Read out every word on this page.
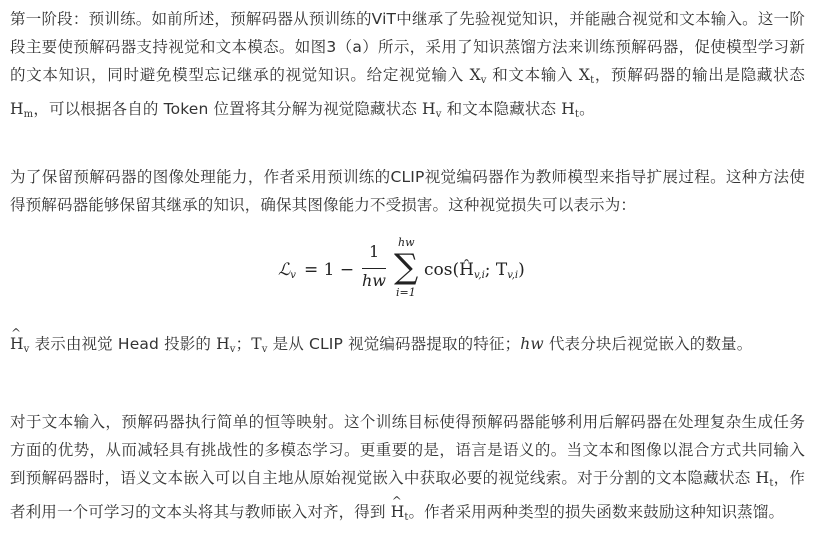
第一阶段：预训练。如前所述，预解码器从预训练的ViT中继承了先验视觉知识，并能融合视觉和文本输入。这一阶段主要使预解码器支持视觉和文本模态。如图3（a）所示，采用了知识蒸馏方法来训练预解码器，促使模型学习新的文本知识，同时避免模型忘记继承的视觉知识。给定视觉输入 $X_v$ 和文本输入 $X_t$，预解码器的输出是隐藏状态 $H_m$，可以根据各自的 Token 位置将其分解为视觉隐藏状态 $H_v$ 和文本隐藏状态 $H_t$。

为了保留预解码器的图像处理能力，作者采用预训练的CLIP视觉编码器作为教师模型来指导扩展过程。这种方法使得预解码器能够保留其继承的知识，确保其图像能力不受损害。这种视觉损失可以表示为：

ℒ$_v$ = 1 −
1
hw
hw
∑
i=1
$\cos(Ĥ_{v,i}$; $T_{v,i}$)

^ $H_v$ 表示由视觉 Head 投影的 $H_v$；$T_v$ 是从 CLIP 视觉编码器提取的特征；hw 代表分块后视觉嵌入的数量。

对于文本输入，预解码器执行简单的恒等映射。这个训练目标使得预解码器能够利用后解码器在处理复杂生成任务方面的优势，从而减轻具有挑战性的多模态学习。更重要的是，语言是语义的。当文本和图像以混合方式共同输入到预解码器时，语义文本嵌入可以自主地从原始视觉嵌入中获取必要的视觉线索。对于分割的文本隐藏状态 $H_t$，作者利用一个可学习的文本头将其与教师嵌入对齐，得到 ^ $H_t$。作者采用两种类型的损失函数来鼓励这种知识蒸馏。
